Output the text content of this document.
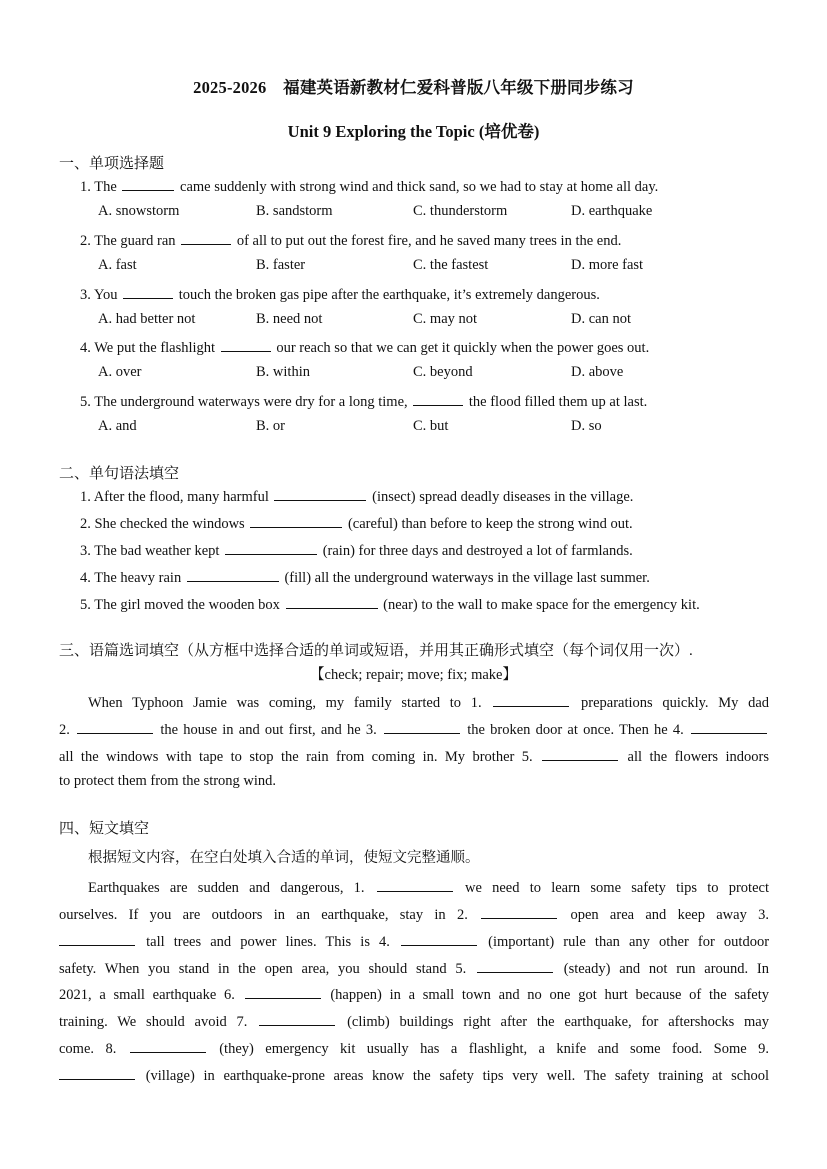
2025-2026　福建英语新教材仁爱科普版八年级下册同步练习
Unit 9 Exploring the Topic (培优卷)
一、单项选择题
1. The	came suddenly with strong wind and thick sand, so we had to stay at home all day.
A. snowstorm	B. sandstorm	C. thunderstorm	D. earthquake
2. The guard ran	of all to put out the forest fire, and he saved many trees in the end.
A. fast	B. faster	C. the fastest	D. more fast
3. You	touch the broken gas pipe after the earthquake, it’s extremely dangerous.
A. had better not	B. need not	C. may not	D. can not
4. We put the flashlight	our reach so that we can get it quickly when the power goes out.
A. over	B. within	C. beyond	D. above
5. The underground waterways were dry for a long time,	the flood filled them up at last.
A. and	B. or	C. but	D. so
二、单句语法填空
1. After the flood, many harmful	(insect) spread deadly diseases in the village.
2. She checked the windows	(careful) than before to keep the strong wind out.
3. The bad weather kept	(rain) for three days and destroyed a lot of farmlands.
4. The heavy rain	(fill) all the underground waterways in the village last summer.
5. The girl moved the wooden box	(near) to the wall to make space for the emergency kit.
三、语篇选词填空（从方框中选择合适的单词或短语，并用其正确形式填空（每个词仅用一次）.
【check; repair; move; fix; make】
When Typhoon Jamie was coming, my family started to 1.	preparations quickly. My dad
2.	the house in and out first, and he 3.	the broken door at once. Then he 4.
all the windows with tape to stop the rain from coming in. My brother 5.	all the flowers indoors
to protect them from the strong wind.
四、短文填空
根据短文内容，在空白处填入合适的单词，使短文完整通顺。
Earthquakes are sudden and dangerous, 1.	we need to learn some safety tips to protect
ourselves. If you are outdoors in an earthquake, stay in 2.	open area and keep away 3.
tall trees and power lines. This is 4.	(important) rule than any other for outdoor
safety. When you stand in the open area, you should stand 5.	(steady) and not run around. In
2021, a small earthquake 6.	(happen) in a small town and no one got hurt because of the safety
training. We should avoid 7.	(climb) buildings right after the earthquake, for aftershocks may
come. 8.	(they) emergency kit usually has a flashlight, a knife and some food. Some 9.
(village) in earthquake-prone areas know the safety tips very well. The safety training at school
